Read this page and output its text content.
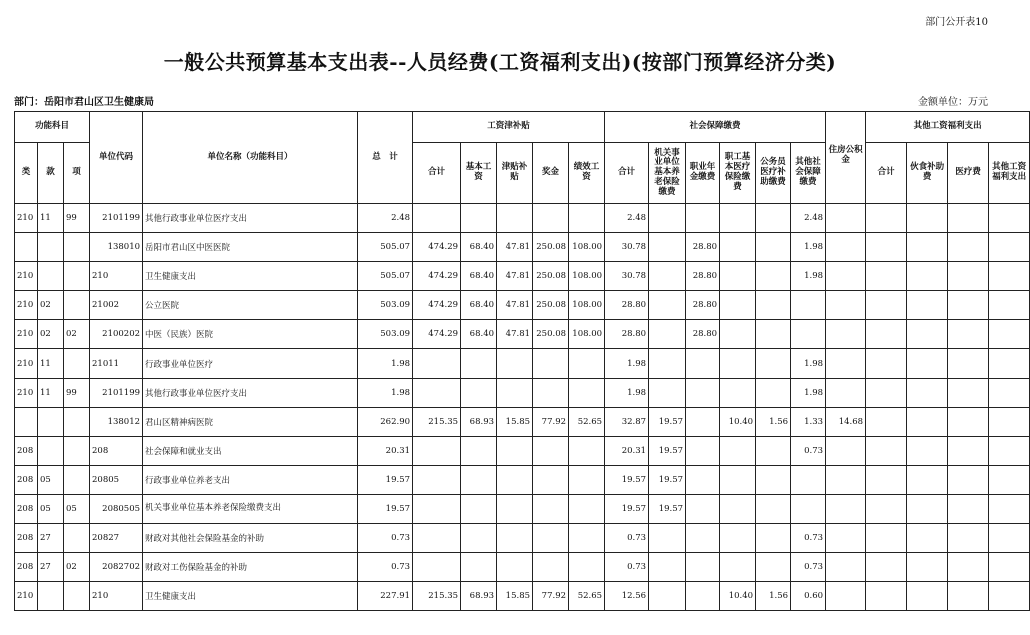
部门公开表10
一般公共预算基本支出表--人员经费(工资福利支出)(按部门预算经济分类)
部门：岳阳市君山区卫生健康局	金额单位：万元
功能科目			单位代码	单位名称（功能科目）	总　计	工资津补贴					社会保障缴费						住房公积金	其他工资福利支出			
类	款	项				合计	基本工资	津贴补贴	奖金	绩效工资	合计	机关事业单位基本养老保险缴费	职业年金缴费	职工基本医疗保险缴费	公务员医疗补助缴费	其他社会保障缴费		合计	伙食补助费	医疗费	其他工资福利支出
210	11	99	2101199	其他行政事业单位医疗支出	2.48						2.48					2.48					
			138010	岳阳市君山区中医医院	505.07	474.29	68.40	47.81	250.08	108.00	30.78		28.80			1.98					
210			210	卫生健康支出	505.07	474.29	68.40	47.81	250.08	108.00	30.78		28.80			1.98					
210	02		21002	公立医院	503.09	474.29	68.40	47.81	250.08	108.00	28.80		28.80								
210	02	02	2100202	中医（民族）医院	503.09	474.29	68.40	47.81	250.08	108.00	28.80		28.80								
210	11		21011	行政事业单位医疗	1.98						1.98					1.98					
210	11	99	2101199	其他行政事业单位医疗支出	1.98						1.98					1.98					
			138012	君山区精神病医院	262.90	215.35	68.93	15.85	77.92	52.65	32.87	19.57		10.40	1.56	1.33	14.68				
208			208	社会保障和就业支出	20.31						20.31	19.57				0.73					
208	05		20805	行政事业单位养老支出	19.57						19.57	19.57									
208	05	05	2080505	机关事业单位基本养老保险缴费支出	19.57						19.57	19.57									
208	27		20827	财政对其他社会保险基金的补助	0.73						0.73					0.73					
208	27	02	2082702	财政对工伤保险基金的补助	0.73						0.73					0.73					
210			210	卫生健康支出	227.91	215.35	68.93	15.85	77.92	52.65	12.56			10.40	1.56	0.60					
